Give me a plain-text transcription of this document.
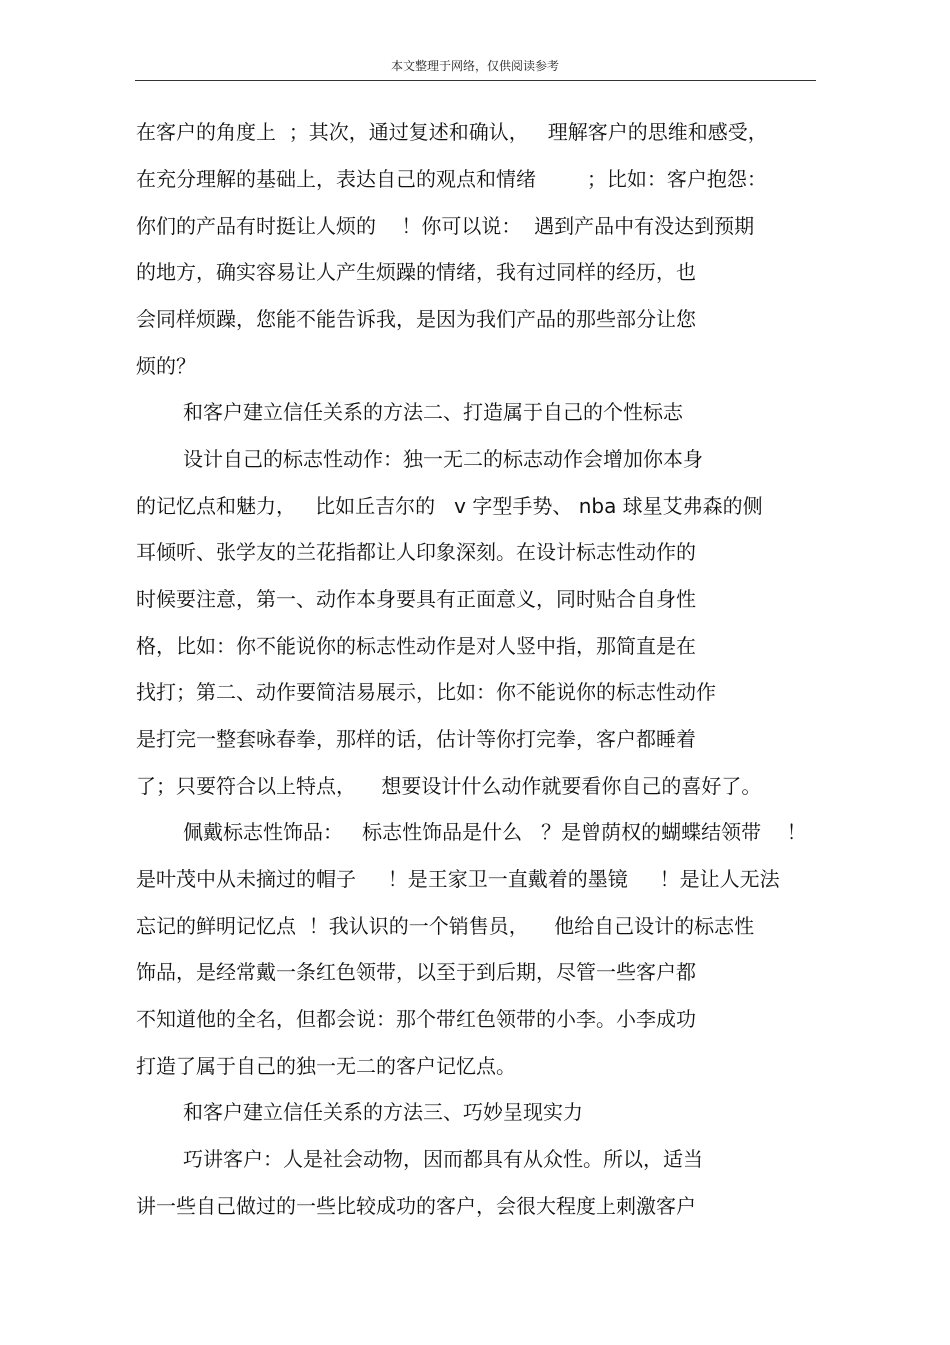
本文整理于网络，仅供阅读参考
在客户的角度上  ；其次，通过复述和确认，   理解客户的思维和感受，
在充分理解的基础上，表达自己的观点和情绪        ；比如：客户抱怨：
你们的产品有时挺让人烦的    ！你可以说：  遇到产品中有没达到预期
的地方，确实容易让人产生烦躁的情绪，我有过同样的经历，也
会同样烦躁，您能不能告诉我，是因为我们产品的那些部分让您
烦的？
和客户建立信任关系的方法二、打造属于自己的个性标志
设计自己的标志性动作：独一无二的标志动作会增加你本身
的记忆点和魅力，   比如丘吉尔的   v 字型手势、 nba 球星艾弗森的侧
耳倾听、张学友的兰花指都让人印象深刻。在设计标志性动作的
时候要注意，第一、动作本身要具有正面意义，同时贴合自身性
格，比如：你不能说你的标志性动作是对人竖中指，那简直是在
找打；第二、动作要简洁易展示，比如：你不能说你的标志性动作
是打完一整套咏春拳，那样的话，估计等你打完拳，客户都睡着
了；只要符合以上特点，    想要设计什么动作就要看你自己的喜好了。
佩戴标志性饰品：   标志性饰品是什么   ？是曾荫权的蝴蝶结领带    ！
是叶茂中从未摘过的帽子     ！是王家卫一直戴着的墨镜     ！是让人无法
忘记的鲜明记忆点  ！我认识的一个销售员，    他给自己设计的标志性
饰品，是经常戴一条红色领带，以至于到后期，尽管一些客户都
不知道他的全名，但都会说：那个带红色领带的小李。小李成功
打造了属于自己的独一无二的客户记忆点。
和客户建立信任关系的方法三、巧妙呈现实力
巧讲客户：人是社会动物，因而都具有从众性。所以，适当
讲一些自己做过的一些比较成功的客户，会很大程度上刺激客户
